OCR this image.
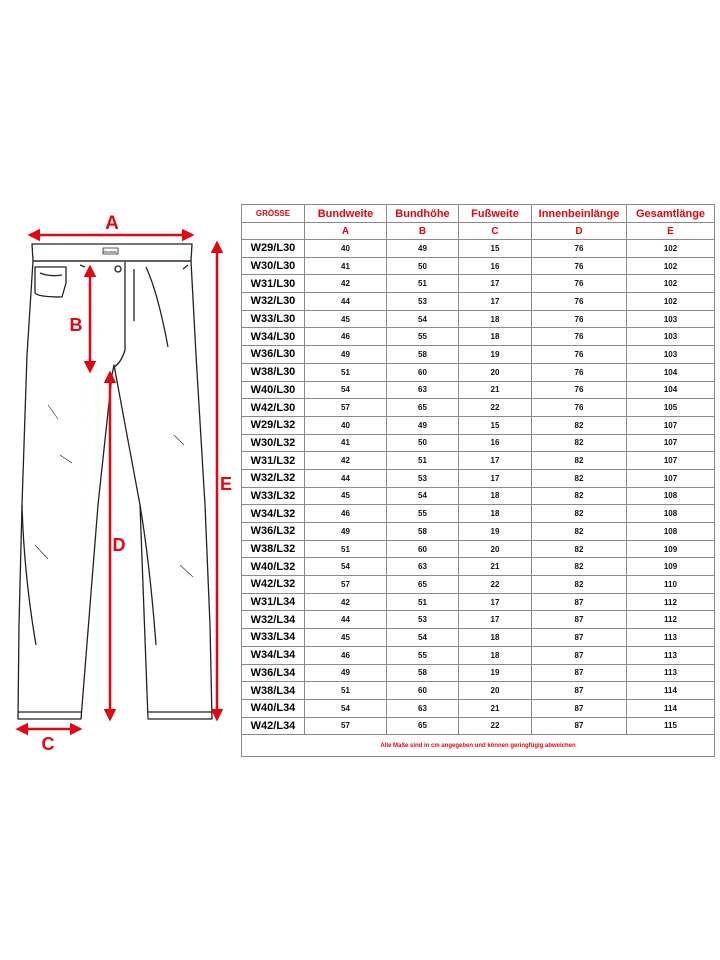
Mustang
A
B
C
D
E
GRÖSSE	Bundweite	Bundhöhe	Fußweite	Innenbeinlänge	Gesamtlänge
	A	B	C	D	E
W29/L30	40	49	15	76	102
W30/L30	41	50	16	76	102
W31/L30	42	51	17	76	102
W32/L30	44	53	17	76	102
W33/L30	45	54	18	76	103
W34/L30	46	55	18	76	103
W36/L30	49	58	19	76	103
W38/L30	51	60	20	76	104
W40/L30	54	63	21	76	104
W42/L30	57	65	22	76	105
W29/L32	40	49	15	82	107
W30/L32	41	50	16	82	107
W31/L32	42	51	17	82	107
W32/L32	44	53	17	82	107
W33/L32	45	54	18	82	108
W34/L32	46	55	18	82	108
W36/L32	49	58	19	82	108
W38/L32	51	60	20	82	109
W40/L32	54	63	21	82	109
W42/L32	57	65	22	82	110
W31/L34	42	51	17	87	112
W32/L34	44	53	17	87	112
W33/L34	45	54	18	87	113
W34/L34	46	55	18	87	113
W36/L34	49	58	19	87	113
W38/L34	51	60	20	87	114
W40/L34	54	63	21	87	114
W42/L34	57	65	22	87	115
Alle Maße sind in cm angegeben und können geringfügig abweichen					
